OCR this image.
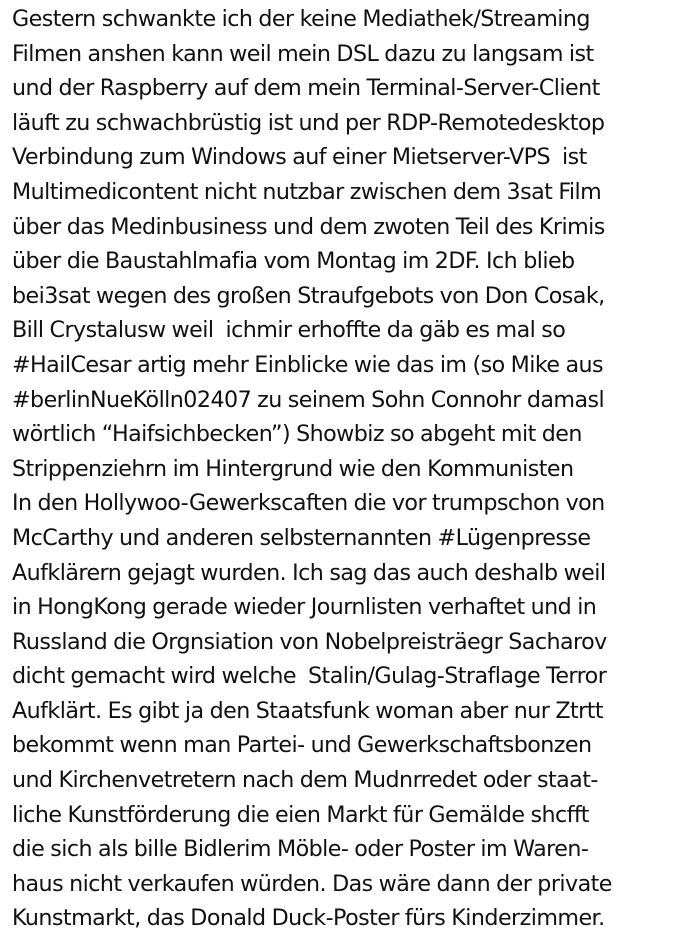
Gestern schwankte ich der keine Mediathek/Streaming
Filmen anshen kann weil mein DSL dazu zu langsam ist
und der Raspberry auf dem mein Terminal-Server-Client
läuft zu schwachbrüstig ist und per RDP-Remotedesktop
Verbindung zum Windows auf einer Mietserver-VPS  ist
Multimedicontent nicht nutzbar zwischen dem 3sat Film
über das Medinbusiness und dem zwoten Teil des Krimis
über die Baustahlmafia vom Montag im 2DF. Ich blieb
bei3sat wegen des großen Straufgebots von Don Cosak,
Bill Crystalusw weil  ichmir erhoffte da gäb es mal so
#HailCesar artig mehr Einblicke wie das im (so Mike aus
#berlinNueKölln02407 zu seinem Sohn Connohr damasl
wörtlich “Haifsichbecken”) Showbiz so abgeht mit den
Strippenziehrn im Hintergrund wie den Kommunisten
In den Hollywoo-Gewerkscaften die vor trumpschon von
McCarthy und anderen selbsternannten #Lügenpresse
Aufklärern gejagt wurden. Ich sag das auch deshalb weil
in HongKong gerade wieder Journlisten verhaftet und in
Russland die Orgnsiation von Nobelpreisträegr Sacharov
dicht gemacht wird welche  Stalin/Gulag-Straflage Terror
Aufklärt. Es gibt ja den Staatsfunk woman aber nur Ztrtt
bekommt wenn man Partei- und Gewerkschaftsbonzen
und Kirchenvetretern nach dem Mudnrredet oder staat-
liche Kunstförderung die eien Markt für Gemälde shcfft
die sich als bille Bidlerim Möble- oder Poster im Waren-
haus nicht verkaufen würden. Das wäre dann der private
Kunstmarkt, das Donald Duck-Poster fürs Kinderzimmer.
